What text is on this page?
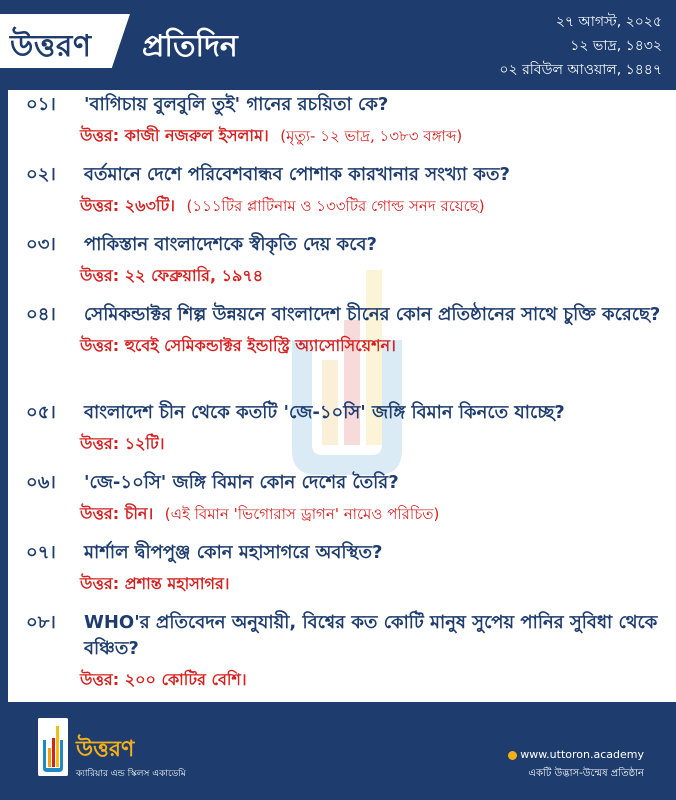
উত্তরণ প্রতিদিন
২৭ আগস্ট, ২০২৫
১২ ভাদ্র, ১৪৩২
০২ রবিউল আওয়াল, ১৪৪৭
০১।	'বাগিচায় বুলবুলি তুই' গানের রচয়িতা কে?
উত্তর: কাজী নজরুল ইসলাম। (মৃত্যু- ১২ ভাদ্র, ১৩৮৩ বঙ্গাব্দ)
০২।	বর্তমানে দেশে পরিবেশবান্ধব পোশাক কারখানার সংখ্যা কত?
উত্তর: ২৬৩টি। (১১১টির প্লাটিনাম ও ১৩৩টির গোল্ড সনদ রয়েছে)
০৩।	পাকিস্তান বাংলাদেশকে স্বীকৃতি দেয় কবে?
উত্তর: ২২ ফেব্রুয়ারি, ১৯৭৪
০৪।	সেমিকন্ডাক্টর শিল্প উন্নয়নে বাংলাদেশ চীনের কোন প্রতিষ্ঠানের সাথে চুক্তি করেছে?
উত্তর: হুবেই সেমিকন্ডাক্টর ইন্ডাস্ট্রি অ্যাসোসিয়েশন।
০৫।	বাংলাদেশ চীন থেকে কতটি 'জে-১০সি' জঙ্গি বিমান কিনতে যাচ্ছে?
উত্তর: ১২টি।
০৬।	'জে-১০সি' জঙ্গি বিমান কোন দেশের তৈরি?
উত্তর: চীন। (এই বিমান 'ভিগোরাস ড্রাগন' নামেও পরিচিত)
০৭।	মার্শাল দ্বীপপুঞ্জ কোন মহাসাগরে অবস্থিত?
উত্তর: প্রশান্ত মহাসাগর।
০৮।	WHO'র প্রতিবেদন অনুযায়ী, বিশ্বের কত কোটি মানুষ সুপেয় পানির সুবিধা থেকে বঞ্চিত?
উত্তর: ২০০ কোটির বেশি।
উত্তরণ
ক্যারিয়ার এন্ড স্কিলস একাডেমি
www.uttoron.academy
একটি উদ্ভাস-উন্মেষ প্রতিষ্ঠান
